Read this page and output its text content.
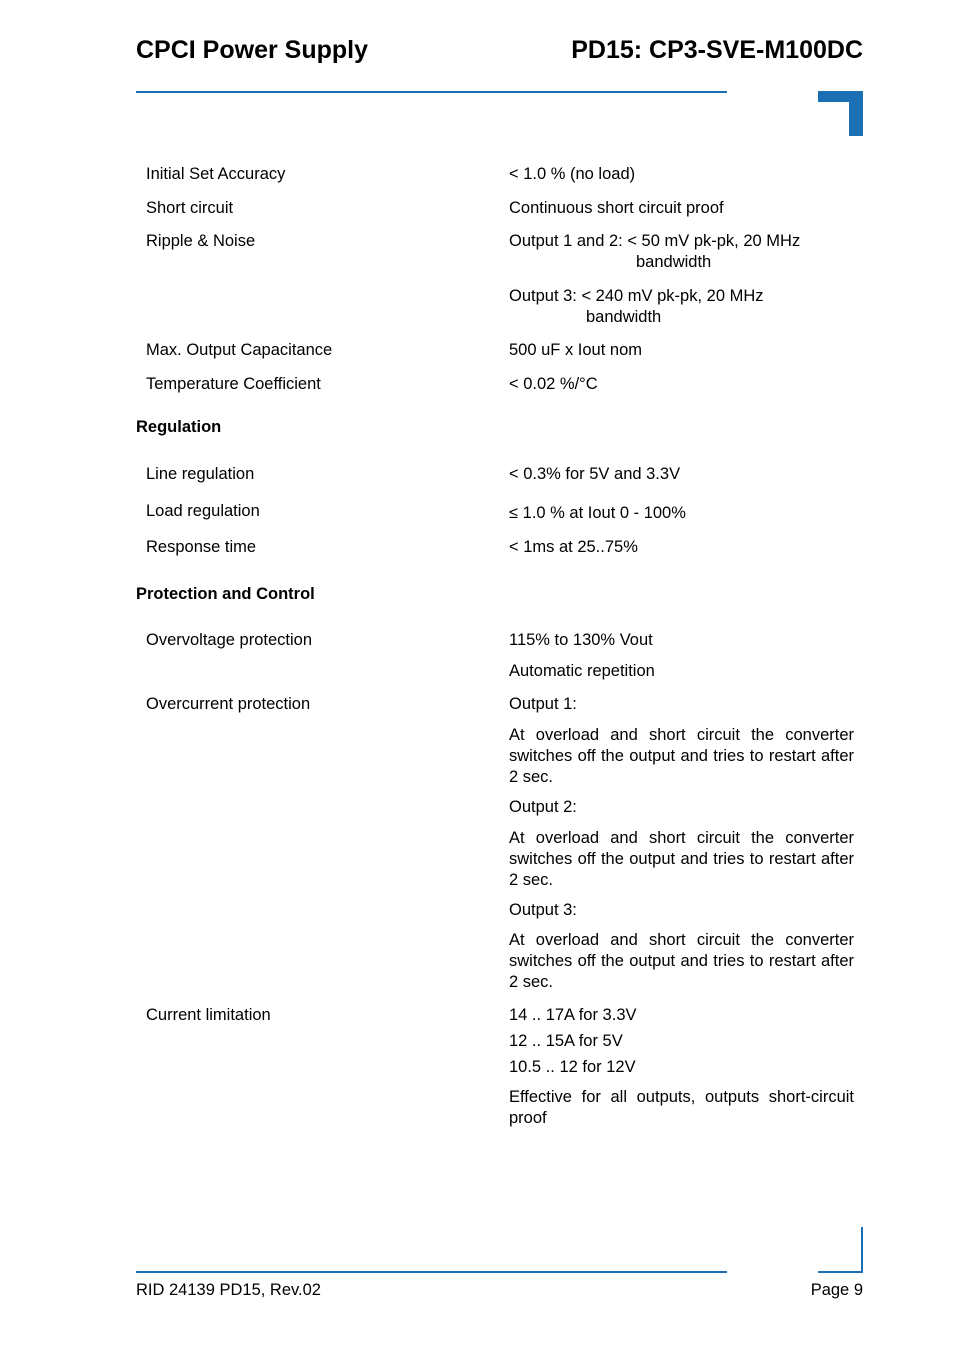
CPCI Power Supply	PD15: CP3-SVE-M100DC
Initial Set Accuracy	< 1.0 % (no load)
Short circuit	Continuous short circuit proof
Ripple & Noise	Output 1 and 2: < 50 mV pk-pk, 20 MHz
bandwidth
Output 3: < 240 mV pk-pk, 20 MHz
bandwidth
Max. Output Capacitance	500 uF x Iout nom
Temperature Coefficient	< 0.02 %/°C
Regulation
Line regulation	< 0.3% for 5V and 3.3V
Load regulation	≤ 1.0 % at Iout 0 - 100%
Response time	< 1ms at 25..75%
Protection and Control
Overvoltage protection	115% to 130% Vout
Automatic repetition
Overcurrent protection	Output 1:
At overload and short circuit the converter switches off the output and tries to restart after 2 sec.
Output 2:
At overload and short circuit the converter switches off the output and tries to restart after 2 sec.
Output 3:
At overload and short circuit the converter switches off the output and tries to restart after 2 sec.
Current limitation	14 .. 17A for 3.3V
12 .. 15A for 5V
10.5 .. 12 for 12V
Effective for all outputs, outputs short-circuit proof
RID 24139 PD15, Rev.02	Page 9
